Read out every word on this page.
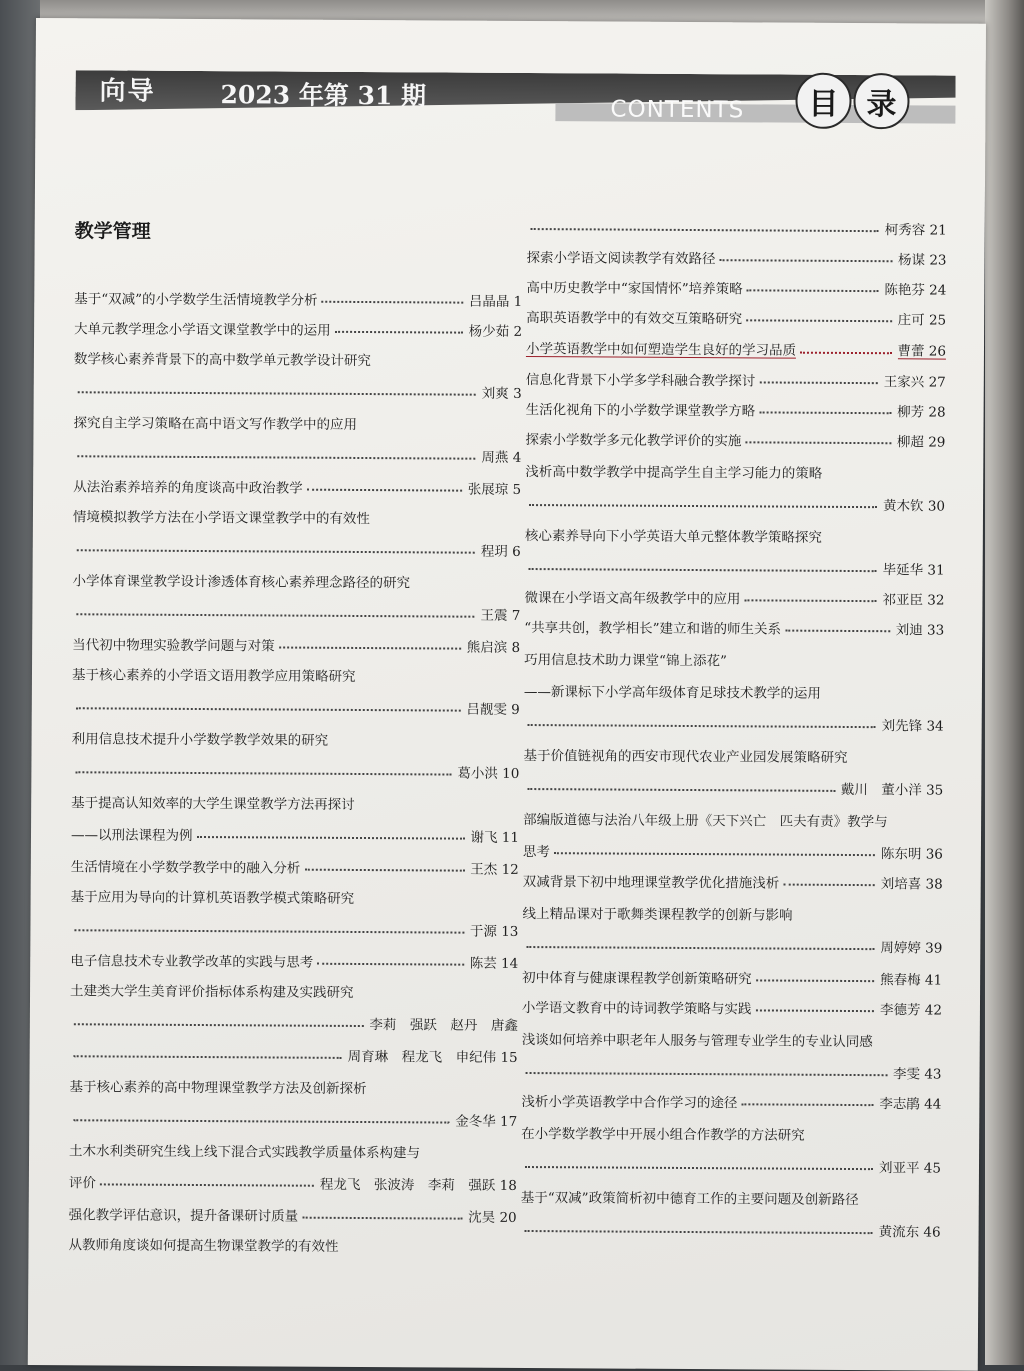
向导	2023 年第 31 期	CONTENTS	目 录
教学管理
基于“双减”的小学数学生活情境教学分析	吕晶晶 1
大单元教学理念小学语文课堂教学中的运用	杨少茹 2
数学核心素养背景下的高中数学单元教学设计研究
刘爽 3
探究自主学习策略在高中语文写作教学中的应用
周燕 4
从法治素养培养的角度谈高中政治教学	张展琼 5
情境模拟教学方法在小学语文课堂教学中的有效性
程玥 6
小学体育课堂教学设计渗透体育核心素养理念路径的研究
王震 7
当代初中物理实验教学问题与对策	熊启滨 8
基于核心素养的小学语文语用教学应用策略研究
吕靓雯 9
利用信息技术提升小学数学教学效果的研究
葛小洪 10
基于提高认知效率的大学生课堂教学方法再探讨
——以刑法课程为例	谢飞 11
生活情境在小学数学教学中的融入分析	王杰 12
基于应用为导向的计算机英语教学模式策略研究
于源 13
电子信息技术专业教学改革的实践与思考	陈芸 14
土建类大学生美育评价指标体系构建及实践研究
李莉　强跃　赵丹　唐鑫
周育琳　程龙飞　申纪伟 15
基于核心素养的高中物理课堂教学方法及创新探析
金冬华 17
土木水利类研究生线上线下混合式实践教学质量体系构建与
评价	程龙飞　张波涛　李莉　强跃 18
强化教学评估意识，提升备课研讨质量	沈昊 20
从教师角度谈如何提高生物课堂教学的有效性
柯秀容 21
探索小学语文阅读教学有效路径	杨谋 23
高中历史教学中“家国情怀”培养策略	陈艳芬 24
高职英语教学中的有效交互策略研究	庄可 25
小学英语教学中如何塑造学生良好的学习品质	曹蕾 26
信息化背景下小学多学科融合教学探讨	王家兴 27
生活化视角下的小学数学课堂教学方略	柳芳 28
探索小学数学多元化教学评价的实施	柳超 29
浅析高中数学教学中提高学生自主学习能力的策略
黄木钦 30
核心素养导向下小学英语大单元整体教学策略探究
毕延华 31
微课在小学语文高年级教学中的应用	祁亚臣 32
“共享共创，教学相长”建立和谐的师生关系	刘迪 33
巧用信息技术助力课堂“锦上添花”
——新课标下小学高年级体育足球技术教学的运用
刘先锋 34
基于价值链视角的西安市现代农业产业园发展策略研究
戴川　董小洋 35
部编版道德与法治八年级上册《天下兴亡　匹夫有责》教学与
思考	陈东明 36
双减背景下初中地理课堂教学优化措施浅析	刘培喜 38
线上精品课对于歌舞类课程教学的创新与影响
周婷婷 39
初中体育与健康课程教学创新策略研究	熊春梅 41
小学语文教育中的诗词教学策略与实践	李德芳 42
浅谈如何培养中职老年人服务与管理专业学生的专业认同感
李雯 43
浅析小学英语教学中合作学习的途径	李志鹃 44
在小学数学教学中开展小组合作教学的方法研究
刘亚平 45
基于“双减”政策简析初中德育工作的主要问题及创新路径
黄流东 46
